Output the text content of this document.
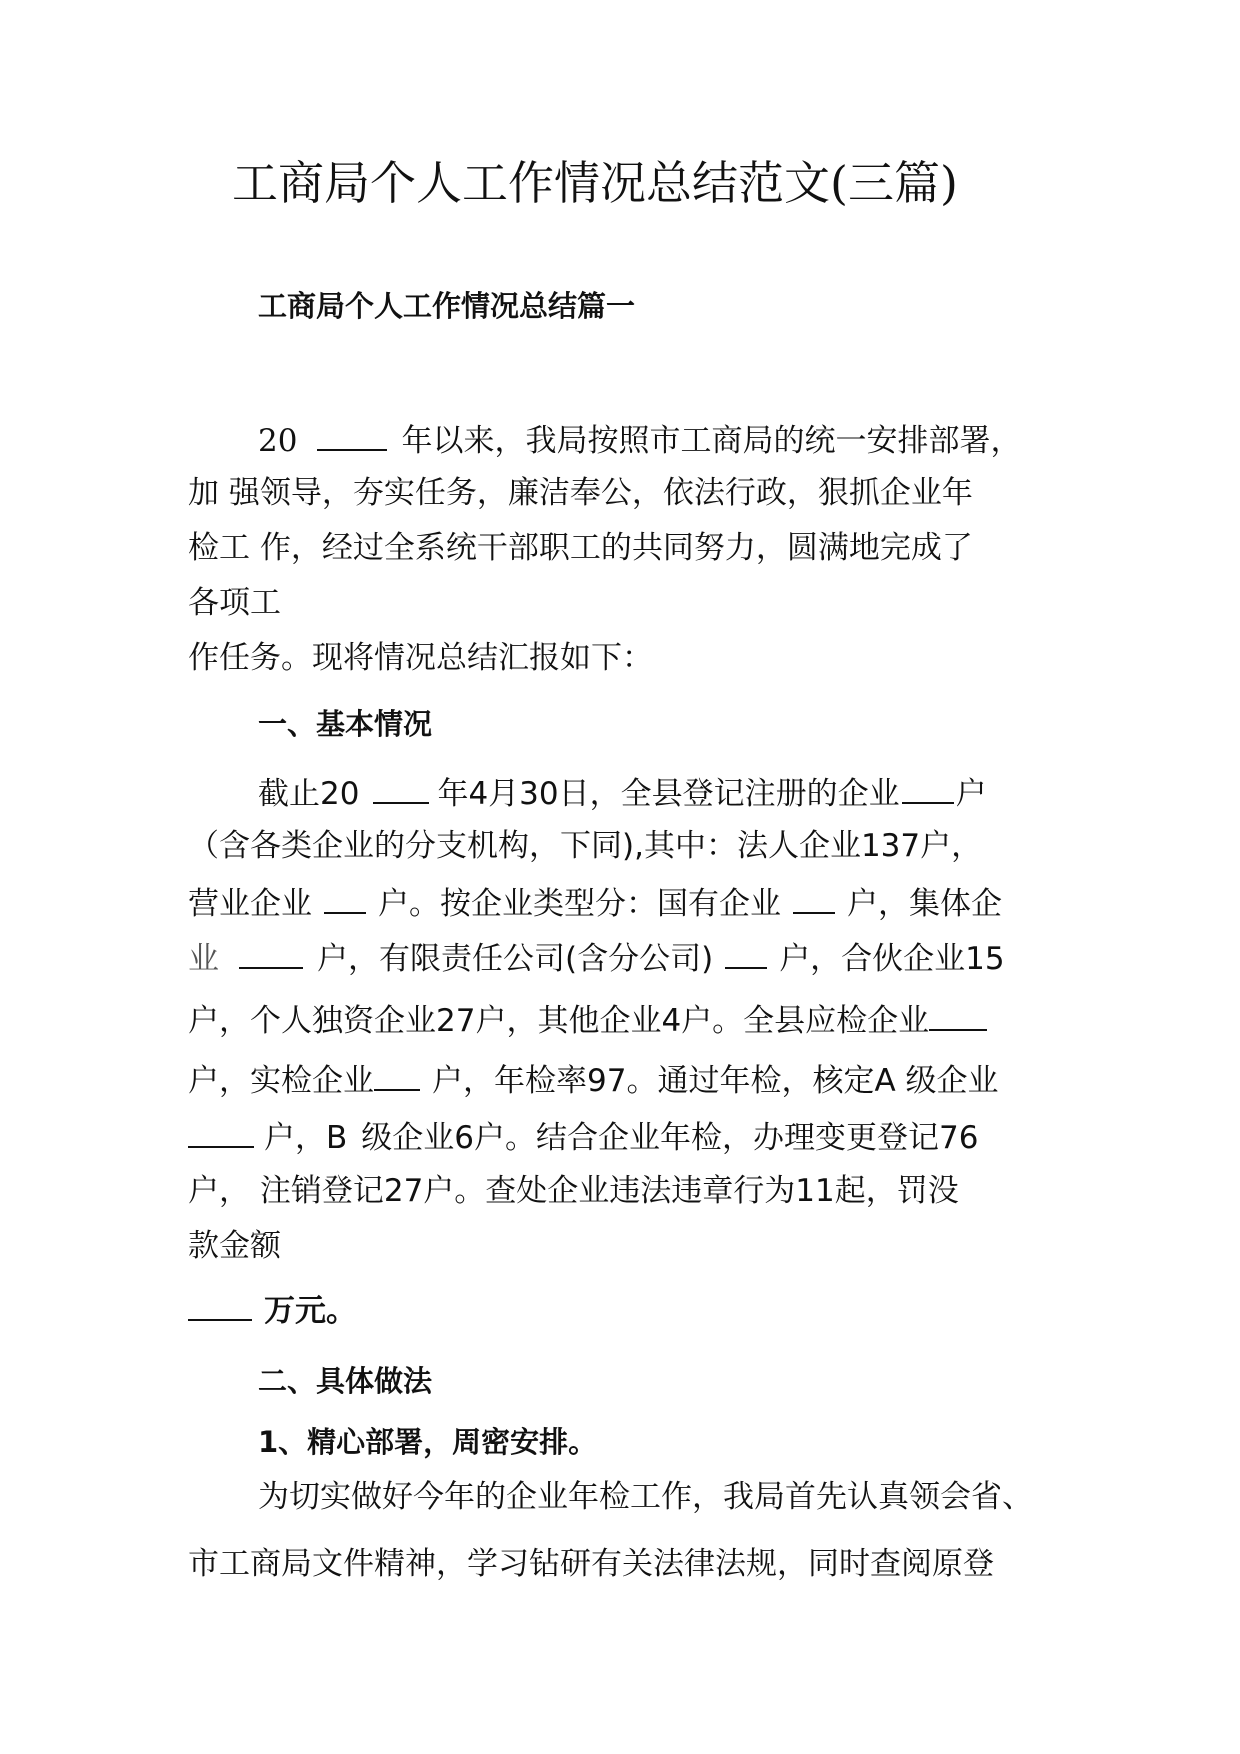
工商局个人工作情况总结范文(三篇)
工商局个人工作情况总结篇一
20	年以来，我局按照市工商局的统一安排部署，
加 强领导，夯实任务，廉洁奉公，依法行政，狠抓企业年
检工 作，经过全系统干部职工的共同努力，圆满地完成了
各项工
作任务。现将情况总结汇报如下：
一、基本情况
截止20	年4月30日，全县登记注册的企业 户
（含各类企业的分支机构，下同),其中：法人企业137户，
营业企业 户。按企业类型分：国有企业 户，集体企
业	户，有限责任公司(含分公司) 户，合伙企业15
户，个人独资企业27户，其他企业4户。全县应检企业
户，实检企业 户，年检率97。通过年检，核定A 级企业
户，B 级企业6户。结合企业年检，办理变更登记76
户， 注销登记27户。查处企业违法违章行为11起，罚没
款金额
万元。
二、具体做法
1、精心部署，周密安排。
为切实做好今年的企业年检工作，我局首先认真领会省、
市工商局文件精神，学习钻研有关法律法规，同时查阅原登
